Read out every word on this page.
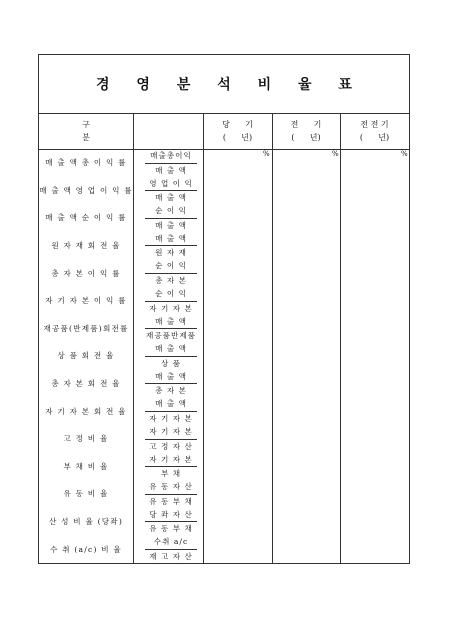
경 영 분 석 비 율 표
구분
당      기
(      년)
전      기
(      년)
전 전 기
(      년)
%	%	%
매 출 액 총 이 익 률
매출총이익
매 출 액
매 출 액 영 업 이 익 률
영 업 이 익
매 출 액
매 출 액 순 이 익 률
순 이 익
매 출 액
원 자 재 회 전 율
매 출 액
원 자 재
총 자 본 이 익 률
순 이 익
총 자 본
자 기 자 본 이 익 률
순 이 익
자 기 자 본
재공품(반제품)회전률
매 출 액
재공품반제품
상 품 회 전 율
매 출 액
상 품
총 자 본 회 전 율
매 출 액
총 자 본
자 기 자 본 회 전 율
매 출 액
자 기 자 본
고 정 비 율
자 기 자 본
고 정 자 산
부 채 비 율
자 기 자 본
부 채
유 동 비 율
유 동 자 산
유 동 부 채
산 성 비 율 (당좌)
당 좌 자 산
유 동 부 채
수 취 (a/c) 비 율
수취 a/c
재 고 자 산
